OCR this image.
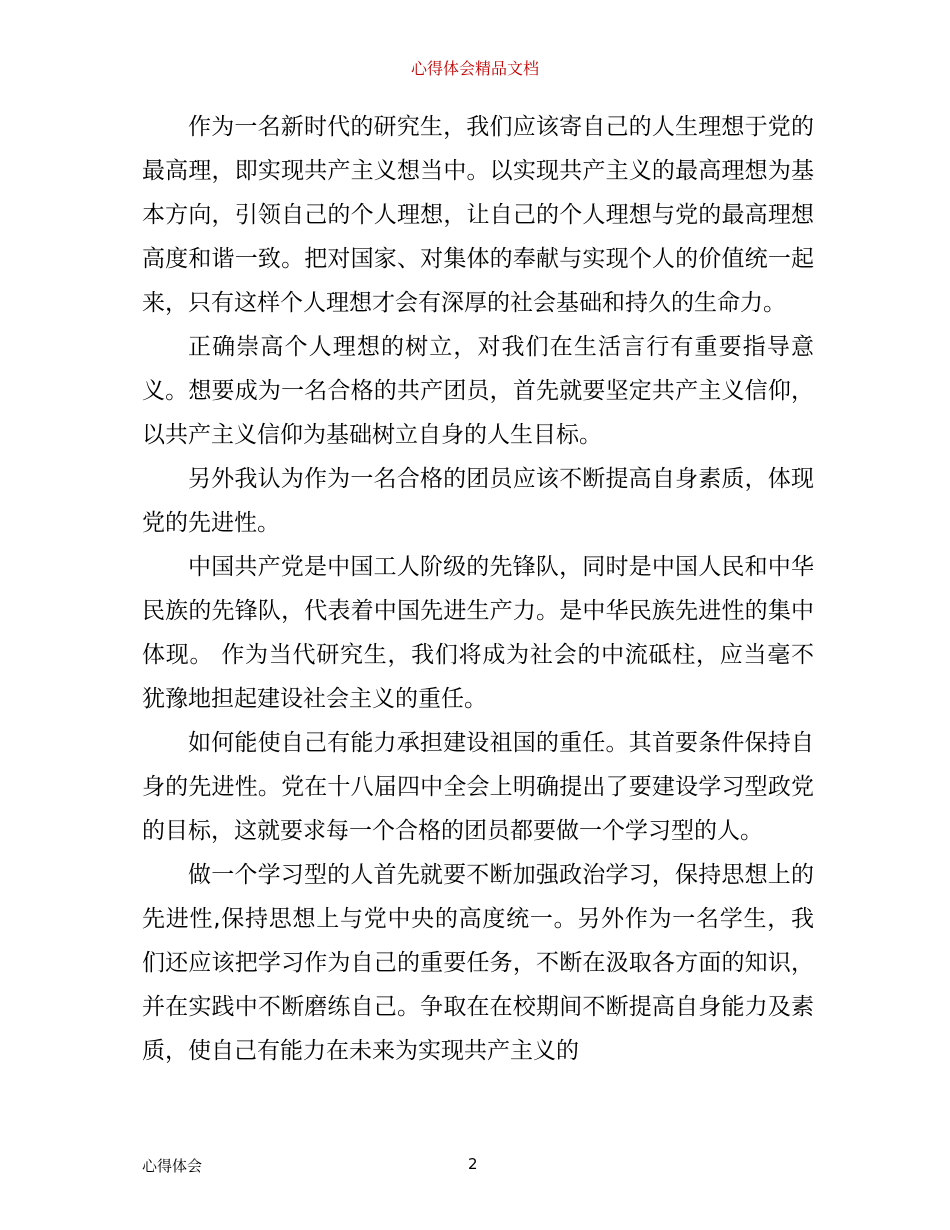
心得体会精品文档

作为一名新时代的研究生，我们应该寄自己的人生理想于党的最高理，即实现共产主义想当中。以实现共产主义的最高理想为基本方向，引领自己的个人理想，让自己的个人理想与党的最高理想高度和谐一致。把对国家、对集体的奉献与实现个人的价值统一起来，只有这样个人理想才会有深厚的社会基础和持久的生命力。

正确崇高个人理想的树立，对我们在生活言行有重要指导意义。想要成为一名合格的共产团员，首先就要坚定共产主义信仰，以共产主义信仰为基础树立自身的人生目标。

另外我认为作为一名合格的团员应该不断提高自身素质，体现党的先进性。

中国共产党是中国工人阶级的先锋队，同时是中国人民和中华民族的先锋队，代表着中国先进生产力。是中华民族先进性的集中体现。 作为当代研究生，我们将成为社会的中流砥柱，应当毫不犹豫地担起建设社会主义的重任。

如何能使自己有能力承担建设祖国的重任。其首要条件保持自身的先进性。党在十八届四中全会上明确提出了要建设学习型政党的目标，这就要求每一个合格的团员都要做一个学习型的人。

做一个学习型的人首先就要不断加强政治学习，保持思想上的先进性,保持思想上与党中央的高度统一。另外作为一名学生，我们还应该把学习作为自己的重要任务，不断在汲取各方面的知识，并在实践中不断磨练自己。争取在在校期间不断提高自身能力及素质，使自己有能力在未来为实现共产主义的

心得体会	2
